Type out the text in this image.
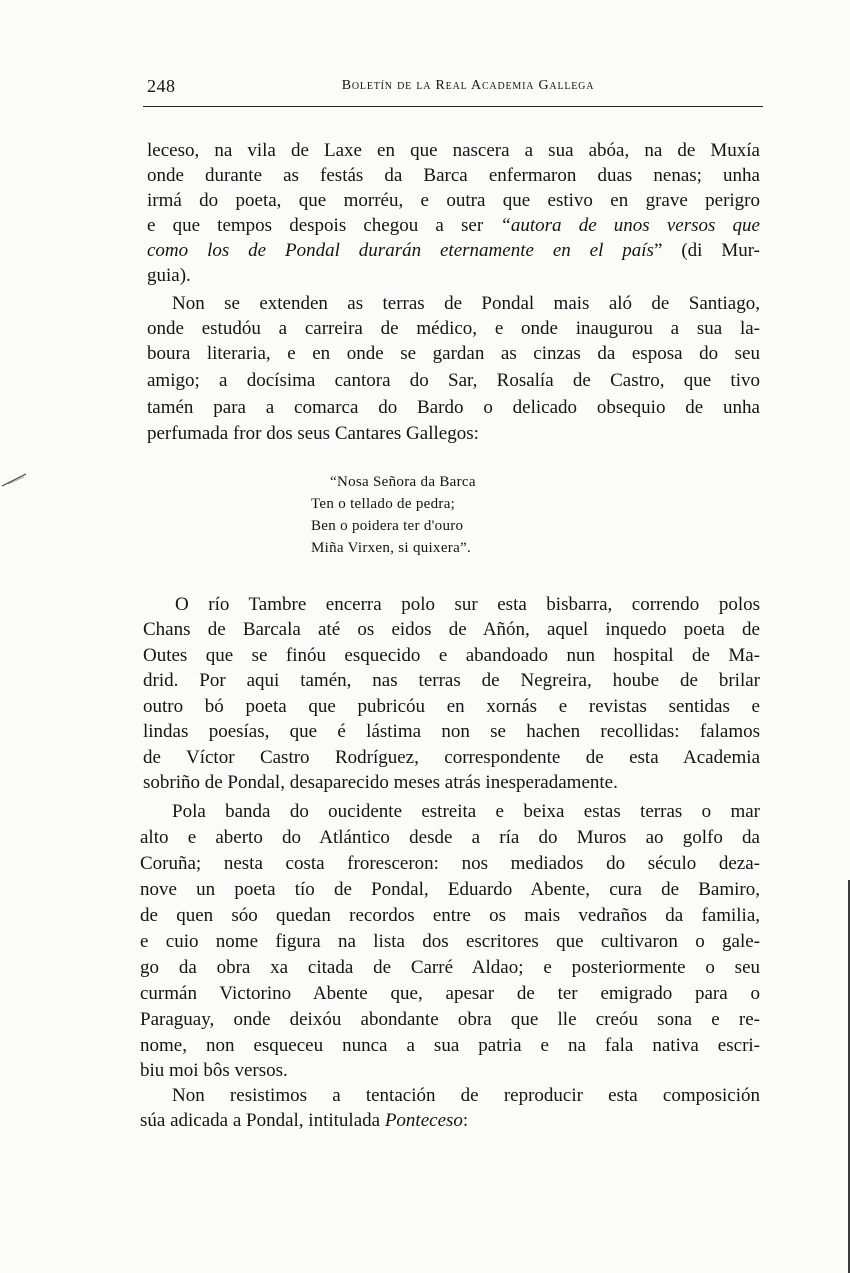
248	Boletín de la Real Academia Gallega
leceso, na vila de Laxe en que nascera a sua abóa, na de Muxía
onde durante as festás da Barca enfermaron duas nenas; unha
irmá do poeta, que morréu, e outra que estivo en grave perigro
e que tempos despois chegou a ser “autora de unos versos que
como los de Pondal durarán eternamente en el país” (di Mur-
guia).
Non se extenden as terras de Pondal mais aló de Santiago,
onde estudóu a carreira de médico, e onde inaugurou a sua la-
boura literaria, e en onde se gardan as cinzas da esposa do seu
amigo; a docísima cantora do Sar, Rosalía de Castro, que tivo
tamén para a comarca do Bardo o delicado obsequio de unha
perfumada fror dos seus Cantares Gallegos:
“Nosa Señora da Barca
Ten o tellado de pedra;
Ben o poidera ter d'ouro
Miña Virxen, si quixera”.
O río Tambre encerra polo sur esta bisbarra, correndo polos
Chans de Barcala até os eidos de Añón, aquel inquedo poeta de
Outes que se finóu esquecido e abandoado nun hospital de Ma-
drid. Por aqui tamén, nas terras de Negreira, hoube de brilar
outro bó poeta que pubricóu en xornás e revistas sentidas e
lindas poesías, que é lástima non se hachen recollidas: falamos
de Víctor Castro Rodríguez, correspondente de esta Academia
sobriño de Pondal, desaparecido meses atrás inesperadamente.
Pola banda do oucidente estreita e beixa estas terras o mar
alto e aberto do Atlántico desde a ría do Muros ao golfo da
Coruña; nesta costa froresceron: nos mediados do século deza-
nove un poeta tío de Pondal, Eduardo Abente, cura de Bamiro,
de quen sóo quedan recordos entre os mais vedraños da familia,
e cuio nome figura na lista dos escritores que cultivaron o gale-
go da obra xa citada de Carré Aldao; e posteriormente o seu
curmán Victorino Abente que, apesar de ter emigrado para o
Paraguay, onde deixóu abondante obra que lle creóu sona e re-
nome, non esqueceu nunca a sua patria e na fala nativa escri-
biu moi bôs versos.
Non resistimos a tentación de reproducir esta composición
súa adicada a Pondal, intitulada Ponteceso:
